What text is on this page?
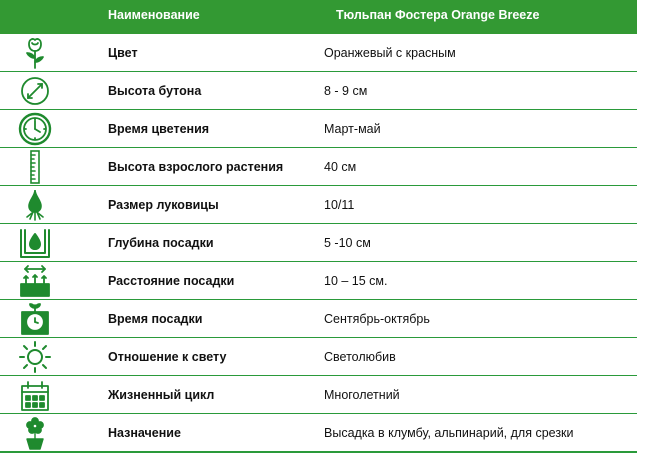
	Наименование	Тюльпан Фостера Orange Breeze

	Цвет	Оранжевый с красным

	Высота бутона	8 - 9 см

	Время цветения	Март-май

	Высота взрослого растения	40 см

	Размер луковицы	10/11

	Глубина посадки	5 -10 см

	Расстояние посадки	10 – 15 см.

	Время посадки	Сентябрь-октябрь

	Отношение к свету	Светолюбив

	Жизненный цикл	Многолетний

	Назначение	Высадка в клумбу, альпинарий, для срезки
